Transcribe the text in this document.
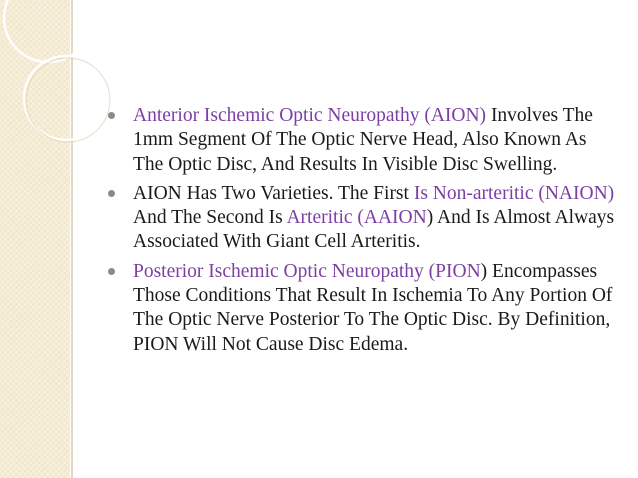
Anterior Ischemic Optic Neuropathy (AION) Involves The 1mm Segment Of The Optic Nerve Head, Also Known As The Optic Disc, And Results In Visible Disc Swelling.
AION Has Two Varieties. The First Is Non-arteritic (NAION) And The Second Is Arteritic (AAION) And Is Almost Always Associated With Giant Cell Arteritis.
Posterior Ischemic Optic Neuropathy (PION) Encompasses Those Conditions That Result In Ischemia To Any Portion Of The Optic Nerve Posterior To The Optic Disc. By Definition, PION Will Not Cause Disc Edema.
